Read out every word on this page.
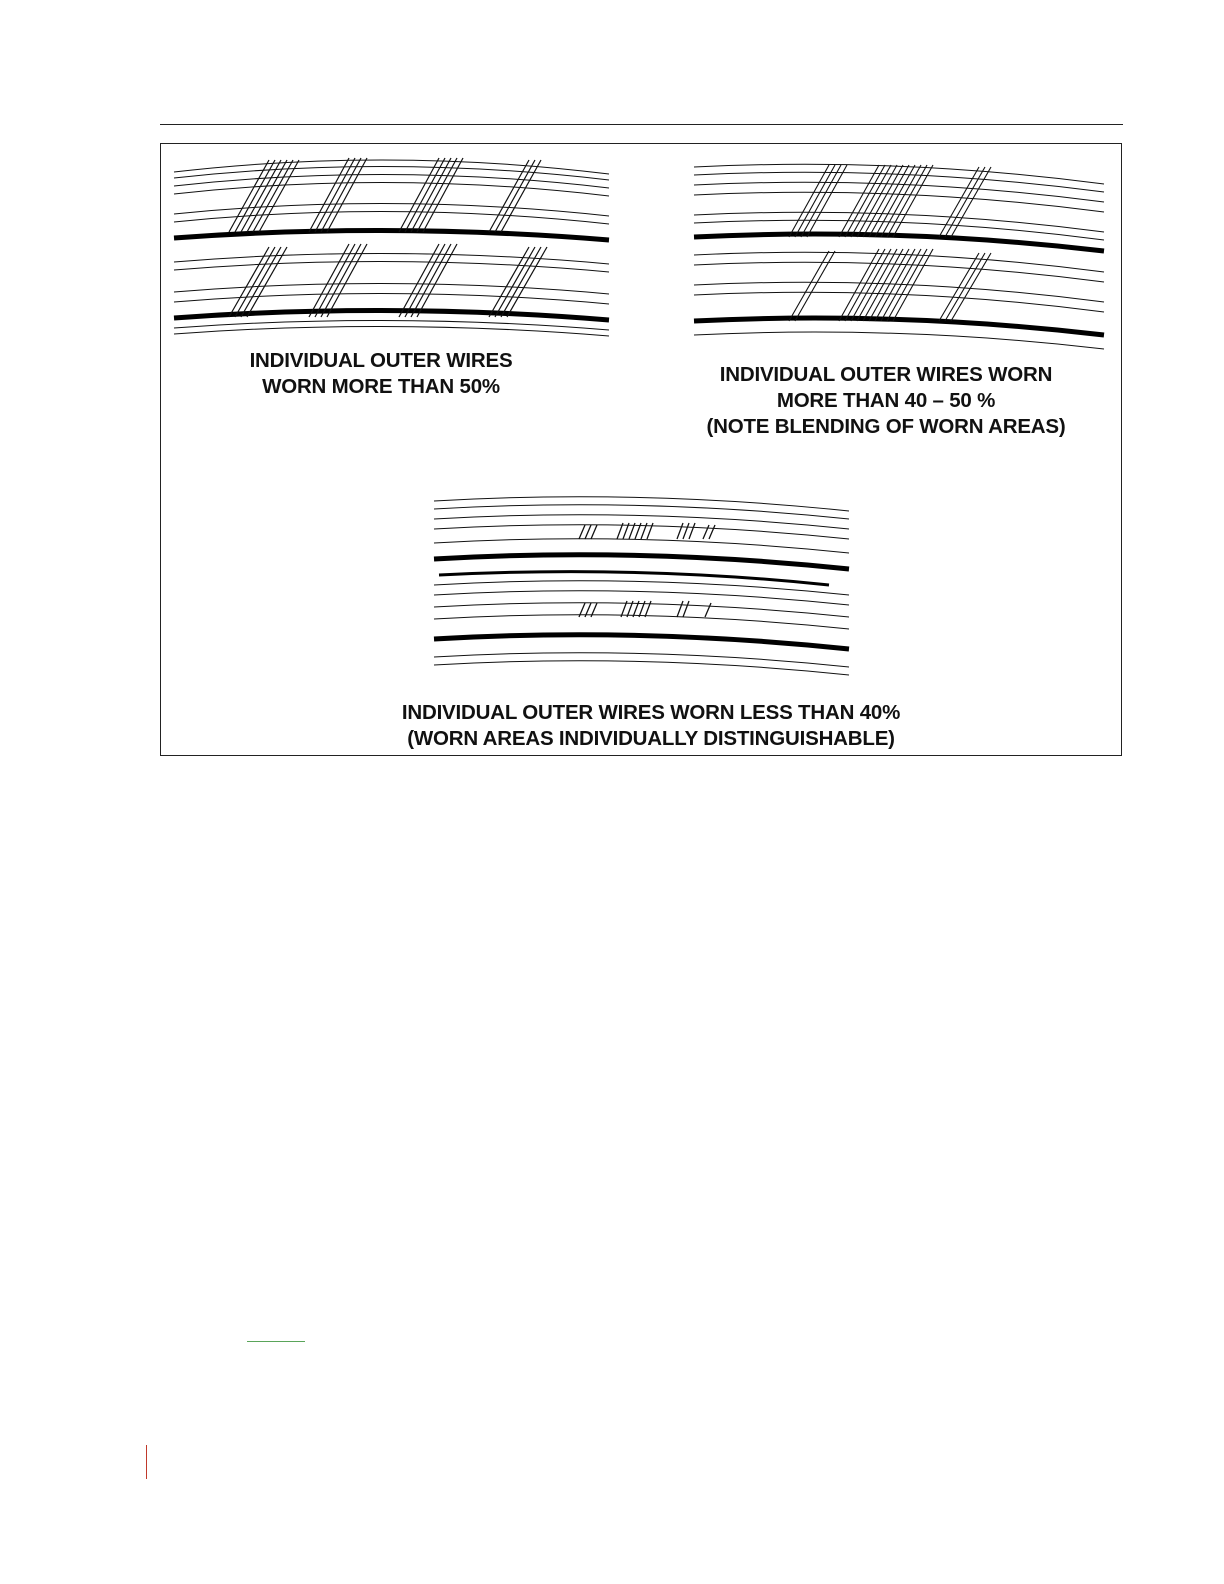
INDIVIDUAL OUTER WIRES
WORN MORE THAN 50%
INDIVIDUAL OUTER WIRES WORN
MORE THAN 40 – 50 %
(NOTE BLENDING OF WORN AREAS)
INDIVIDUAL OUTER WIRES WORN LESS THAN 40%
(WORN AREAS INDIVIDUALLY DISTINGUISHABLE)
